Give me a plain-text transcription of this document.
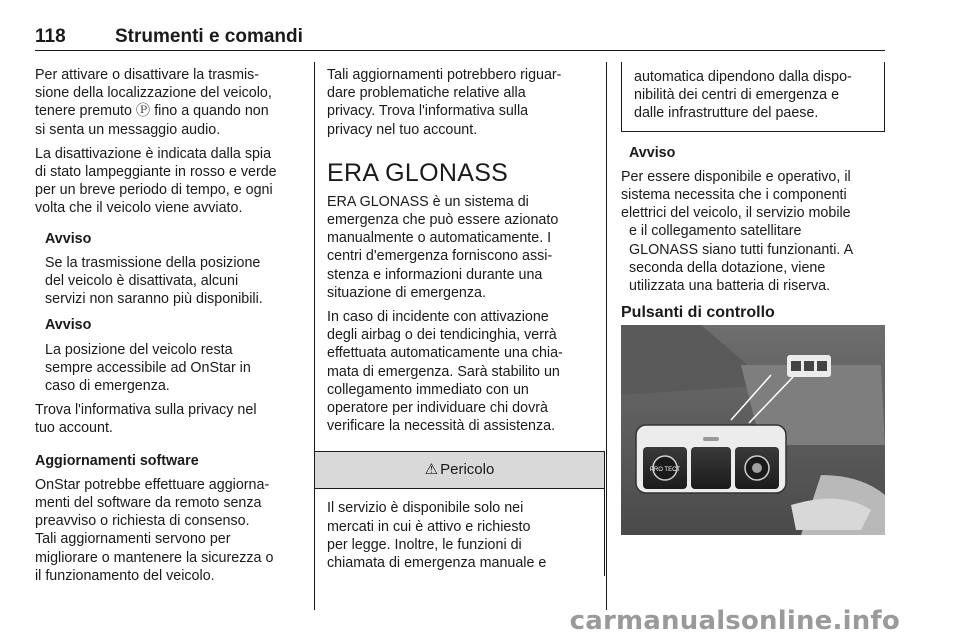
118	Strumenti e comandi

Per attivare o disattivare la trasmis-
sione della localizzazione del veicolo,
tenere premuto Ⓟ fino a quando non
si senta un messaggio audio.

La disattivazione è indicata dalla spia
di stato lampeggiante in rosso e verde
per un breve periodo di tempo, e ogni
volta che il veicolo viene avviato.

Avviso

Se la trasmissione della posizione
del veicolo è disattivata, alcuni
servizi non saranno più disponibili.

Avviso

La posizione del veicolo resta
sempre accessibile ad OnStar in
caso di emergenza.

Trova l'informativa sulla privacy nel
tuo account.

Aggiornamenti software

OnStar potrebbe effettuare aggiorna-
menti del software da remoto senza
preavviso o richiesta di consenso.
Tali aggiornamenti servono per
migliorare o mantenere la sicurezza o
il funzionamento del veicolo.

Tali aggiornamenti potrebbero riguar-
dare problematiche relative alla
privacy. Trova l'informativa sulla
privacy nel tuo account.

ERA GLONASS

ERA GLONASS è un sistema di
emergenza che può essere azionato
manualmente o automaticamente. I
centri d'emergenza forniscono assi-
stenza e informazioni durante una
situazione di emergenza.

In caso di incidente con attivazione
degli airbag o dei tendicinghia, verrà
effettuata automaticamente una chia-
mata di emergenza. Sarà stabilito un
collegamento immediato con un
operatore per individuare chi dovrà
verificare la necessità di assistenza.

⚠ Pericolo
Il servizio è disponibile solo nei
mercati in cui è attivo e richiesto
per legge. Inoltre, le funzioni di
chiamata di emergenza manuale e
automatica dipendono dalla dispo-
nibilità dei centri di emergenza e
dalle infrastrutture del paese.

Avviso

Per essere disponibile e operativo, il
sistema necessita che i componenti
elettrici del veicolo, il servizio mobile
e il collegamento satellitare
GLONASS siano tutti funzionanti. A
seconda della dotazione, viene
utilizzata una batteria di riserva.

Pulsanti di controllo
PRO TECT
carmanualsonline.info
